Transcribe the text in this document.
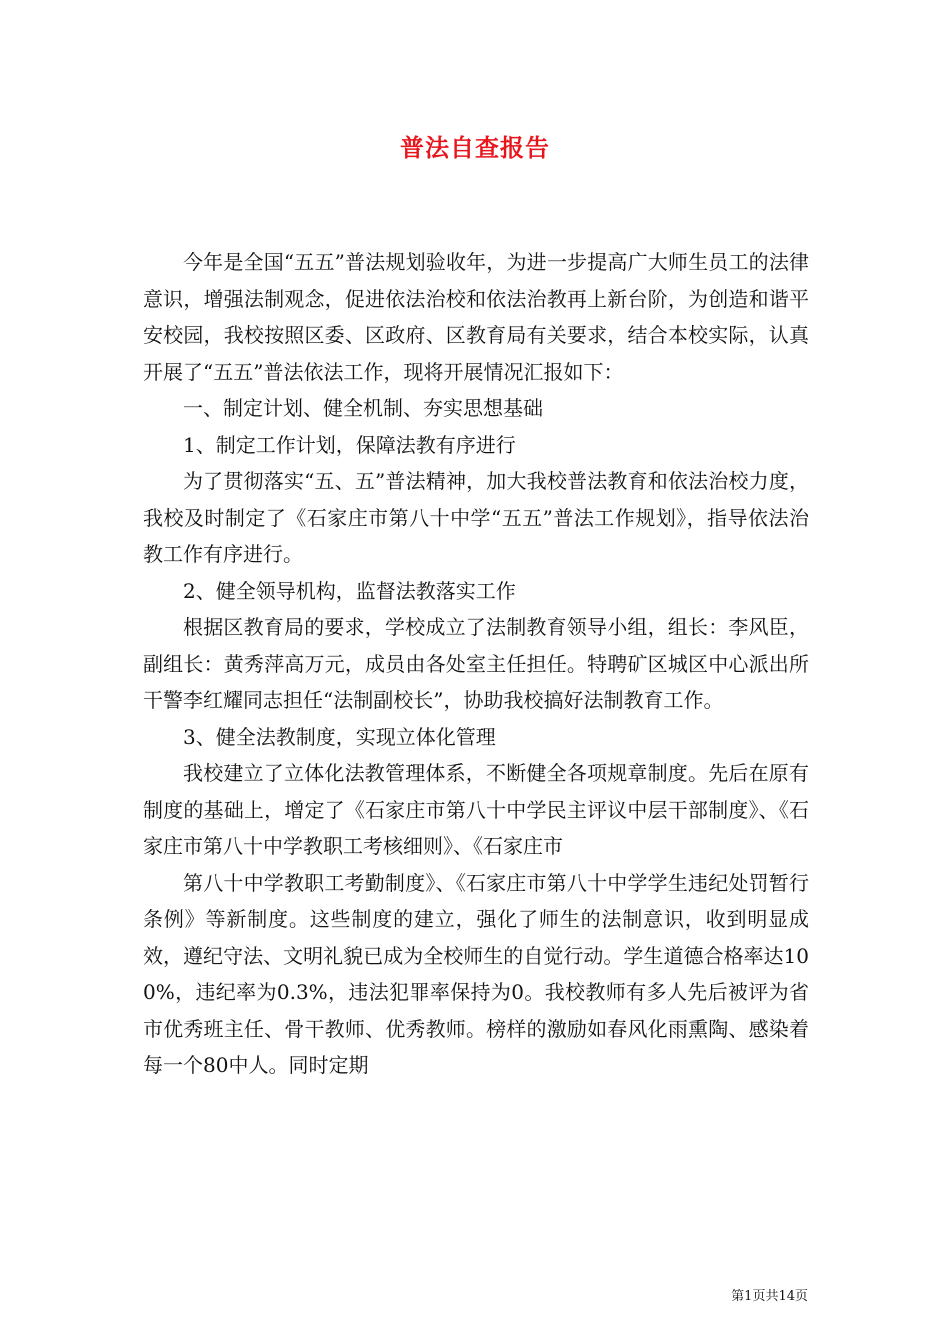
普法自查报告

今年是全国“五五”普法规划验收年，为进一步提高广大师生员工的法律意识，增强法制观念，促进依法治校和依法治教再上新台阶，为创造和谐平安校园，我校按照区委、区政府、区教育局有关要求，结合本校实际，认真开展了“五五”普法依法工作，现将开展情况汇报如下：

一、制定计划、健全机制、夯实思想基础

1、制定工作计划，保障法教有序进行

为了贯彻落实“五、五”普法精神，加大我校普法教育和依法治校力度，我校及时制定了《石家庄市第八十中学“五五”普法工作规划》，指导依法治教工作有序进行。

2、健全领导机构，监督法教落实工作

根据区教育局的要求，学校成立了法制教育领导小组，组长：李风臣，副组长：黄秀萍高万元，成员由各处室主任担任。特聘矿区城区中心派出所干警李红耀同志担任“法制副校长”，协助我校搞好法制教育工作。

3、健全法教制度，实现立体化管理

我校建立了立体化法教管理体系，不断健全各项规章制度。先后在原有制度的基础上，增定了《石家庄市第八十中学民主评议中层干部制度》、《石家庄市第八十中学教职工考核细则》、《石家庄市

第八十中学教职工考勤制度》、《石家庄市第八十中学学生违纪处罚暂行条例》等新制度。这些制度的建立，强化了师生的法制意识，收到明显成效，遵纪守法、文明礼貌已成为全校师生的自觉行动。学生道德合格率达100%，违纪率为0.3%，违法犯罪率保持为0。我校教师有多人先后被评为省市优秀班主任、骨干教师、优秀教师。榜样的激励如春风化雨熏陶、感染着每一个80中人。同时定期

第1页共14页
